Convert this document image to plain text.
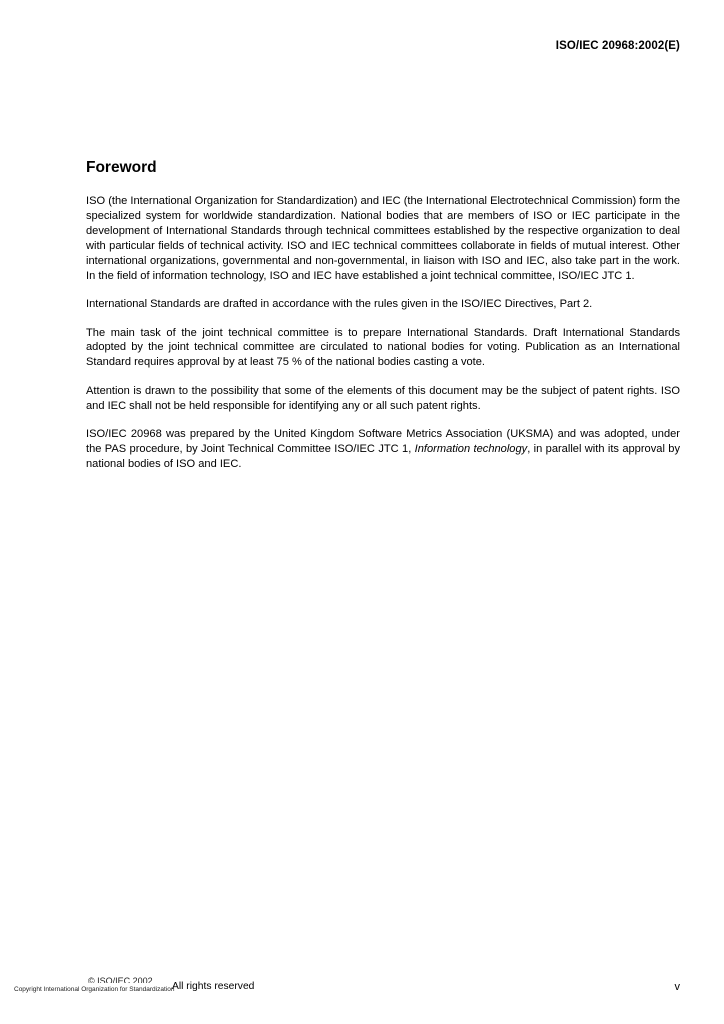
ISO/IEC 20968:2002(E)
Foreword

ISO (the International Organization for Standardization) and IEC (the International Electrotechnical Commission) form the specialized system for worldwide standardization. National bodies that are members of ISO or IEC participate in the development of International Standards through technical committees established by the respective organization to deal with particular fields of technical activity. ISO and IEC technical committees collaborate in fields of mutual interest. Other international organizations, governmental and non-governmental, in liaison with ISO and IEC, also take part in the work. In the field of information technology, ISO and IEC have established a joint technical committee, ISO/IEC JTC 1.

International Standards are drafted in accordance with the rules given in the ISO/IEC Directives, Part 2.

The main task of the joint technical committee is to prepare International Standards. Draft International Standards adopted by the joint technical committee are circulated to national bodies for voting. Publication as an International Standard requires approval by at least 75 % of the national bodies casting a vote.

Attention is drawn to the possibility that some of the elements of this document may be the subject of patent rights. ISO and IEC shall not be held responsible for identifying any or all such patent rights.

ISO/IEC 20968 was prepared by the United Kingdom Software Metrics Association (UKSMA) and was adopted, under the PAS procedure, by Joint Technical Committee ISO/IEC JTC 1, Information technology, in parallel with its approval by national bodies of ISO and IEC.

© ISO/IEC 2002 All rights reserved
Copyright International Organization for Standardization	v
